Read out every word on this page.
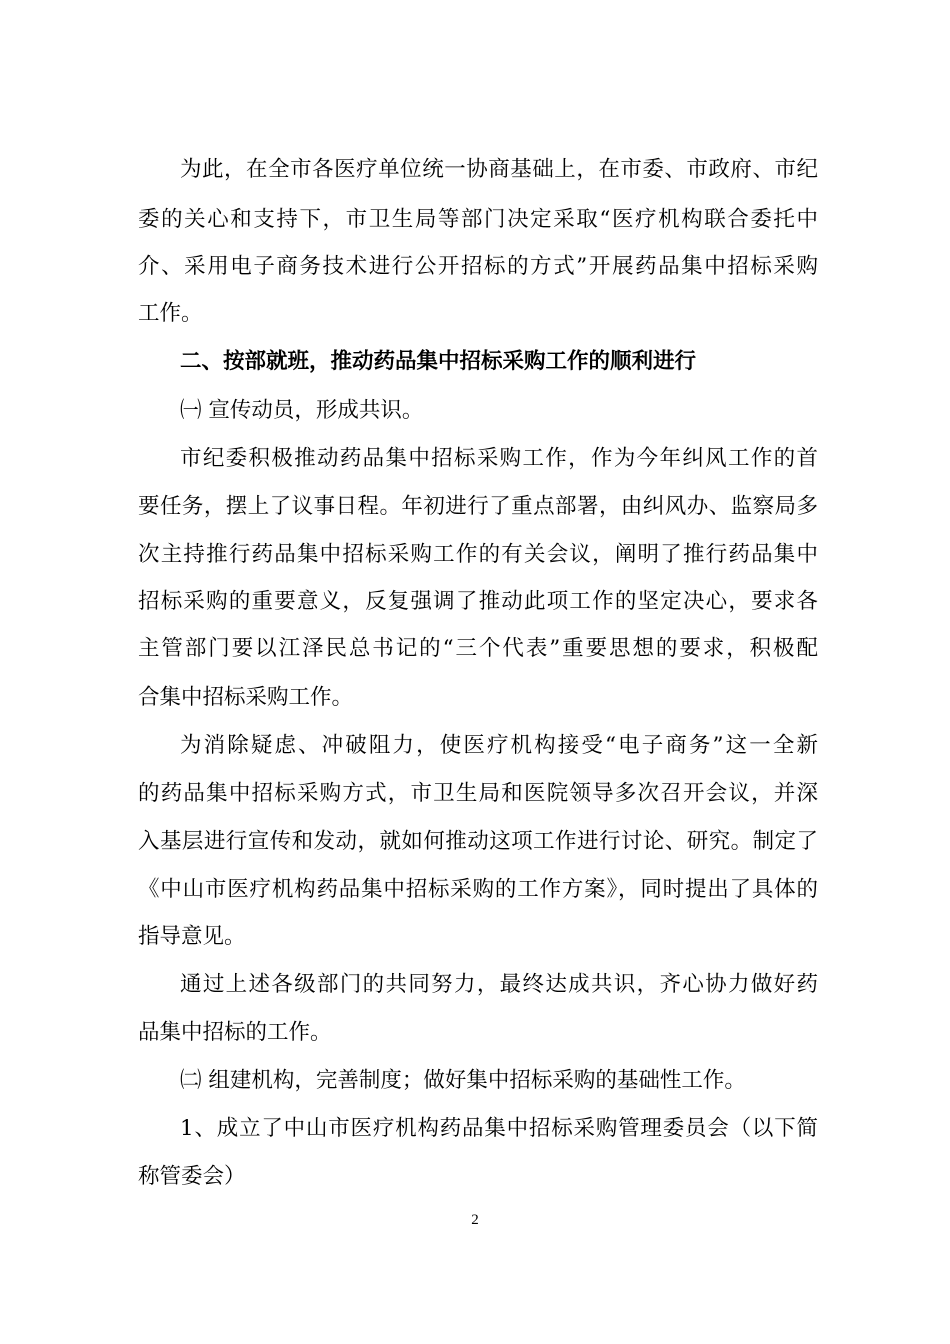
为此，在全市各医疗单位统一协商基础上，在市委、市政府、市纪
委的关心和支持下，市卫生局等部门决定采取“医疗机构联合委托中
介、采用电子商务技术进行公开招标的方式”开展药品集中招标采购
工作。
二、按部就班，推动药品集中招标采购工作的顺利进行
㈠ 宣传动员，形成共识。
市纪委积极推动药品集中招标采购工作，作为今年纠风工作的首
要任务，摆上了议事日程。年初进行了重点部署，由纠风办、监察局多
次主持推行药品集中招标采购工作的有关会议，阐明了推行药品集中
招标采购的重要意义，反复强调了推动此项工作的坚定决心，要求各
主管部门要以江泽民总书记的“三个代表”重要思想的要求，积极配
合集中招标采购工作。
为消除疑虑、冲破阻力，使医疗机构接受“电子商务”这一全新
的药品集中招标采购方式，市卫生局和医院领导多次召开会议，并深
入基层进行宣传和发动，就如何推动这项工作进行讨论、研究。制定了
《中山市医疗机构药品集中招标采购的工作方案》，同时提出了具体的
指导意见。
通过上述各级部门的共同努力，最终达成共识，齐心协力做好药
品集中招标的工作。
㈡ 组建机构，完善制度；做好集中招标采购的基础性工作。
1、成立了中山市医疗机构药品集中招标采购管理委员会（以下简
称管委会）
2
